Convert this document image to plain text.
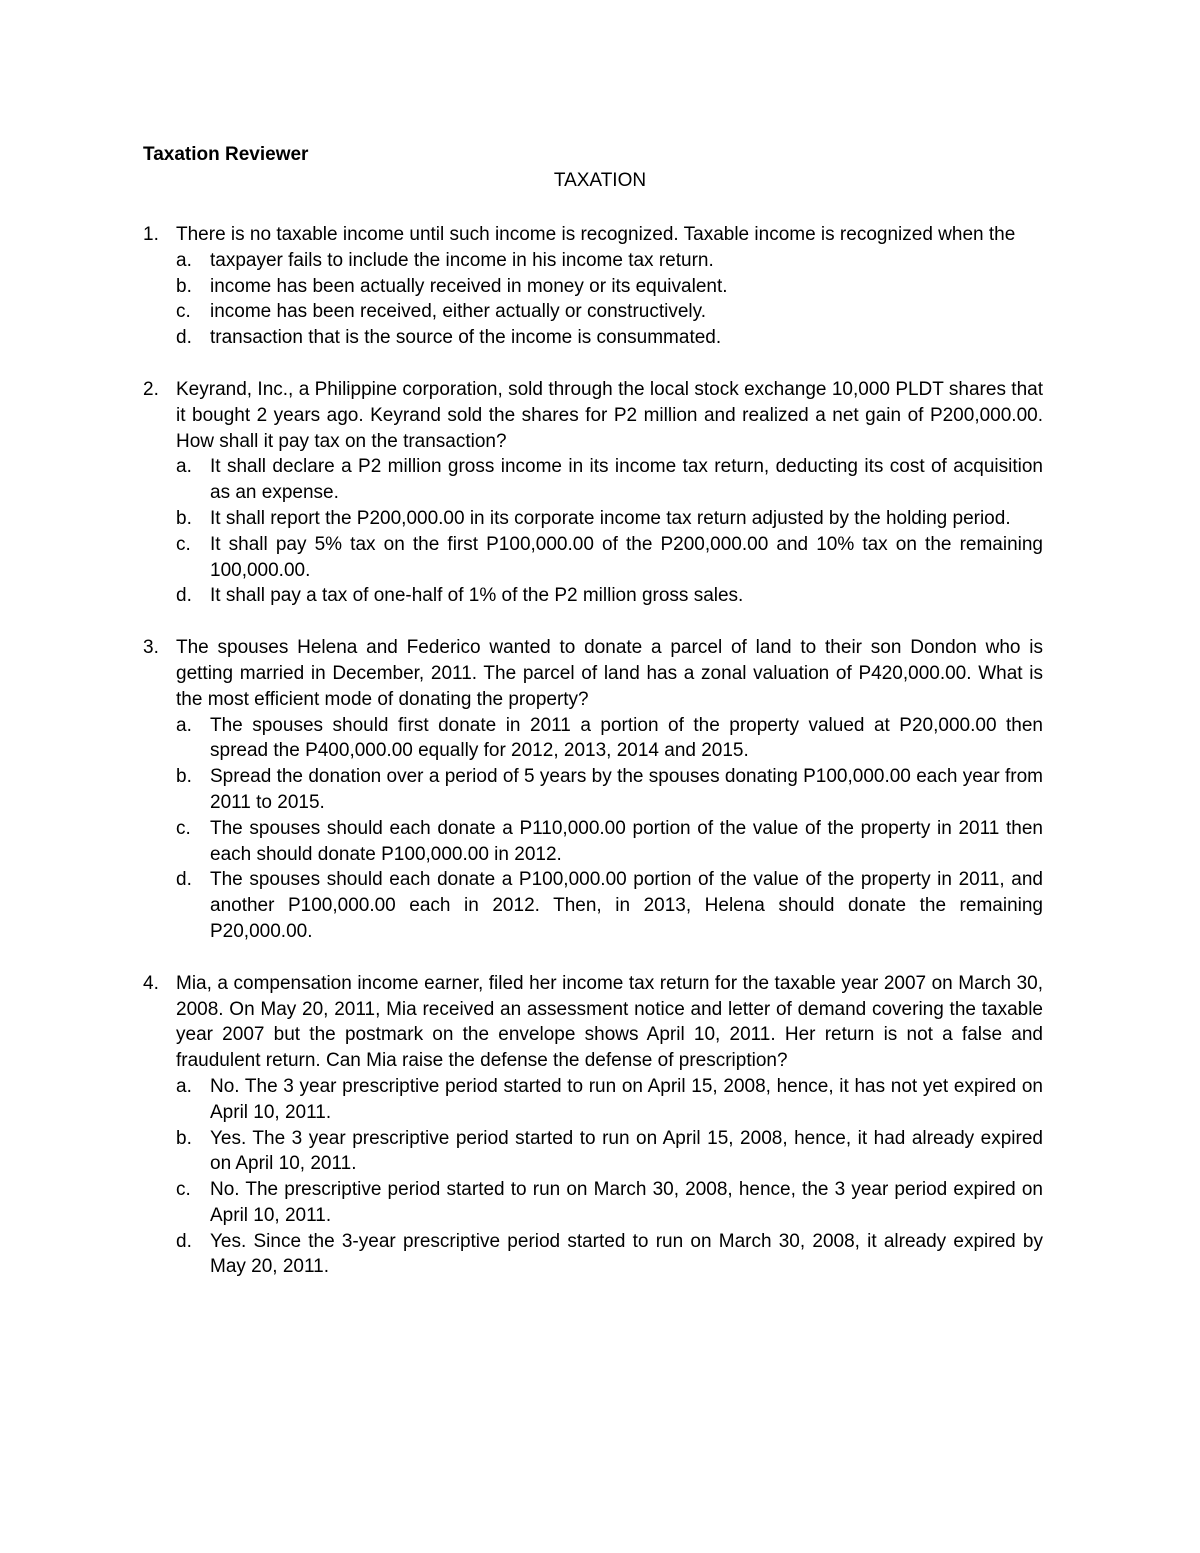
Taxation Reviewer
TAXATION
1. There is no taxable income until such income is recognized. Taxable income is recognized when the
a. taxpayer fails to include the income in his income tax return.
b. income has been actually received in money or its equivalent.
c. income has been received, either actually or constructively.
d. transaction that is the source of the income is consummated.
2. Keyrand, Inc., a Philippine corporation, sold through the local stock exchange 10,000 PLDT shares that it bought 2 years ago. Keyrand sold the shares for P2 million and realized a net gain of P200,000.00. How shall it pay tax on the transaction?
a. It shall declare a P2 million gross income in its income tax return, deducting its cost of acquisition as an expense.
b. It shall report the P200,000.00 in its corporate income tax return adjusted by the holding period.
c. It shall pay 5% tax on the first P100,000.00 of the P200,000.00 and 10% tax on the remaining 100,000.00.
d. It shall pay a tax of one-half of 1% of the P2 million gross sales.
3. The spouses Helena and Federico wanted to donate a parcel of land to their son Dondon who is getting married in December, 2011. The parcel of land has a zonal valuation of P420,000.00. What is the most efficient mode of donating the property?
a. The spouses should first donate in 2011 a portion of the property valued at P20,000.00 then spread the P400,000.00 equally for 2012, 2013, 2014 and 2015.
b. Spread the donation over a period of 5 years by the spouses donating P100,000.00 each year from 2011 to 2015.
c. The spouses should each donate a P110,000.00 portion of the value of the property in 2011 then each should donate P100,000.00 in 2012.
d. The spouses should each donate a P100,000.00 portion of the value of the property in 2011, and another P100,000.00 each in 2012. Then, in 2013, Helena should donate the remaining P20,000.00.
4. Mia, a compensation income earner, filed her income tax return for the taxable year 2007 on March 30, 2008. On May 20, 2011, Mia received an assessment notice and letter of demand covering the taxable year 2007 but the postmark on the envelope shows April 10, 2011. Her return is not a false and fraudulent return. Can Mia raise the defense the defense of prescription?
a. No. The 3 year prescriptive period started to run on April 15, 2008, hence, it has not yet expired on April 10, 2011.
b. Yes. The 3 year prescriptive period started to run on April 15, 2008, hence, it had already expired on April 10, 2011.
c. No. The prescriptive period started to run on March 30, 2008, hence, the 3 year period expired on April 10, 2011.
d. Yes. Since the 3-year prescriptive period started to run on March 30, 2008, it already expired by May 20, 2011.
